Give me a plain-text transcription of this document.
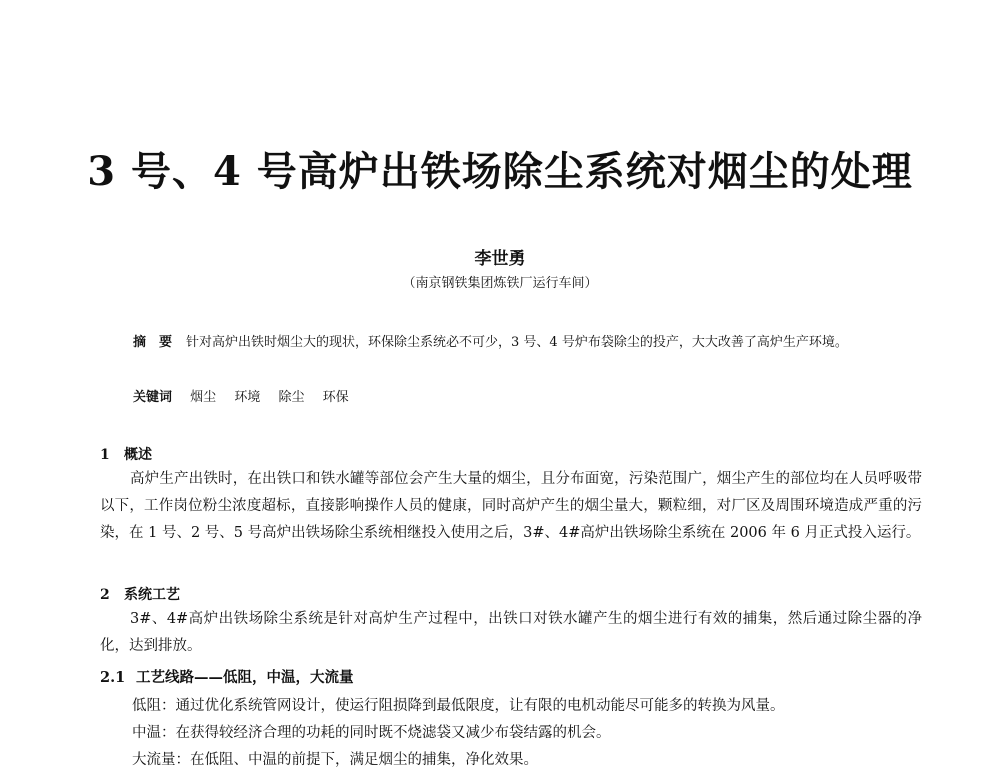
3 号、4 号高炉出铁场除尘系统对烟尘的处理
李世勇
（南京钢铁集团炼铁厂运行车间）
摘　要 针对高炉出铁时烟尘大的现状，环保除尘系统必不可少，3 号、4 号炉布袋除尘的投产，大大改善了高炉生产环境。
关键词 烟尘 环境 除尘 环保
1 概述
高炉生产出铁时，在出铁口和铁水罐等部位会产生大量的烟尘，且分布面宽，污染范围广，烟尘产生的部位均在人员呼吸带以下，工作岗位粉尘浓度超标，直接影响操作人员的健康，同时高炉产生的烟尘量大，颗粒细，对厂区及周围环境造成严重的污染，在 1 号、2 号、5 号高炉出铁场除尘系统相继投入使用之后，3#、4#高炉出铁场除尘系统在 2006 年 6 月正式投入运行。
2 系统工艺
3#、4#高炉出铁场除尘系统是针对高炉生产过程中，出铁口对铁水罐产生的烟尘进行有效的捕集，然后通过除尘器的净化，达到排放。
2.1 工艺线路——低阻，中温，大流量
低阻：通过优化系统管网设计，使运行阻损降到最低限度，让有限的电机动能尽可能多的转换为风量。
中温：在获得较经济合理的功耗的同时既不烧滤袋又减少布袋结露的机会。
大流量：在低阻、中温的前提下，满足烟尘的捕集，净化效果。
